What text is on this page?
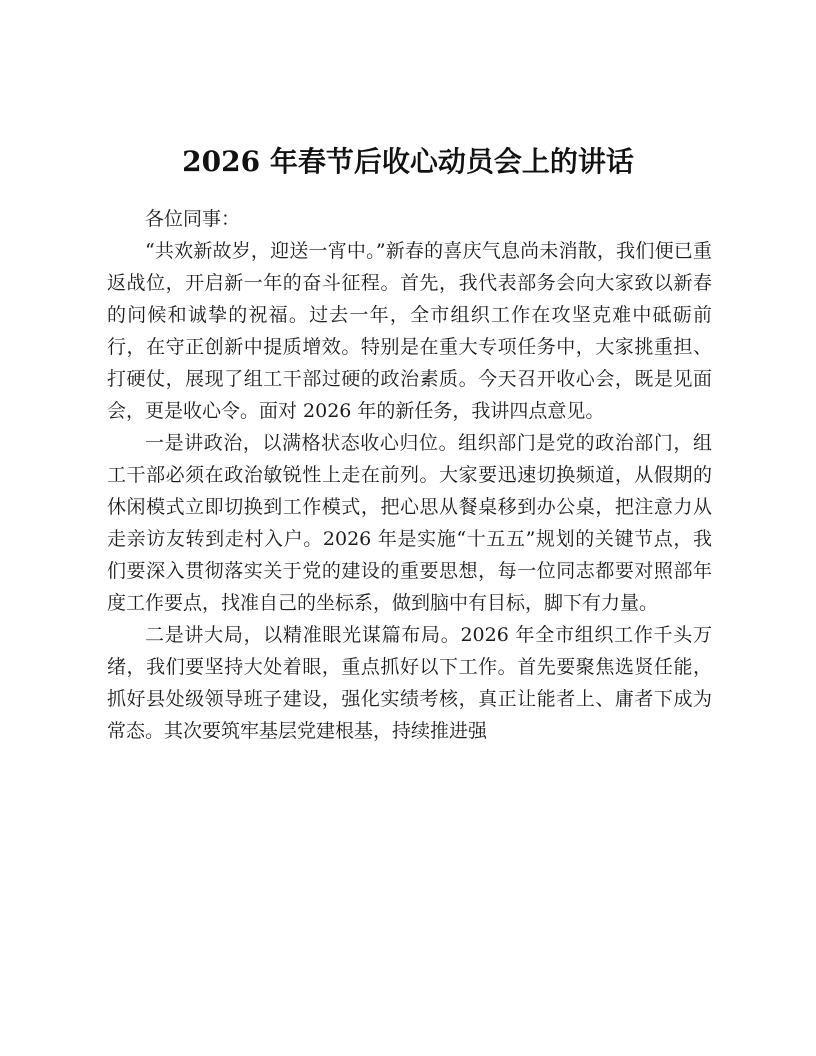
2026 年春节后收心动员会上的讲话

各位同事：

“共欢新故岁，迎送一宵中。”新春的喜庆气息尚未消散，我们便已重返战位，开启新一年的奋斗征程。首先，我代表部务会向大家致以新春的问候和诚挚的祝福。过去一年，全市组织工作在攻坚克难中砥砺前行，在守正创新中提质增效。特别是在重大专项任务中，大家挑重担、打硬仗，展现了组工干部过硬的政治素质。今天召开收心会，既是见面会，更是收心令。面对 2026 年的新任务，我讲四点意见。

一是讲政治，以满格状态收心归位。组织部门是党的政治部门，组工干部必须在政治敏锐性上走在前列。大家要迅速切换频道，从假期的休闲模式立即切换到工作模式，把心思从餐桌移到办公桌，把注意力从走亲访友转到走村入户。2026 年是实施“十五五”规划的关键节点，我们要深入贯彻落实关于党的建设的重要思想，每一位同志都要对照部年度工作要点，找准自己的坐标系，做到脑中有目标，脚下有力量。

二是讲大局，以精准眼光谋篇布局。2026 年全市组织工作千头万绪，我们要坚持大处着眼，重点抓好以下工作。首先要聚焦选贤任能，抓好县处级领导班子建设，强化实绩考核，真正让能者上、庸者下成为常态。其次要筑牢基层党建根基，持续推进强
